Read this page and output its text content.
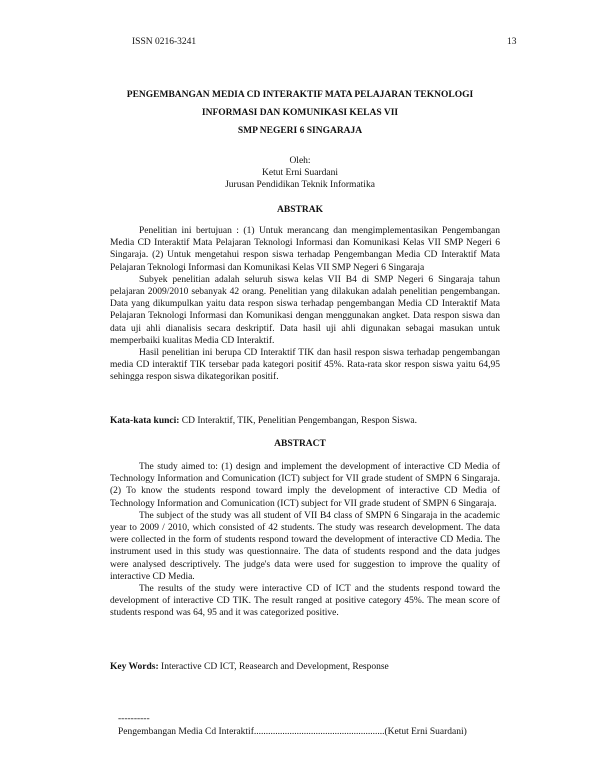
ISSN 0216-3241	13
PENGEMBANGAN MEDIA CD INTERAKTIF MATA PELAJARAN TEKNOLOGI
INFORMASI DAN KOMUNIKASI KELAS VII
SMP NEGERI 6 SINGARAJA
Oleh:
Ketut Erni Suardani
Jurusan Pendidikan Teknik Informatika
ABSTRAK

Penelitian ini bertujuan : (1) Untuk merancang dan mengimplementasikan Pengembangan Media CD Interaktif Mata Pelajaran Teknologi Informasi dan Komunikasi Kelas VII SMP Negeri 6 Singaraja. (2) Untuk mengetahui respon siswa terhadap Pengembangan Media CD Interaktif Mata Pelajaran Teknologi Informasi dan Komunikasi Kelas VII SMP Negeri 6 Singaraja

Subyek penelitian adalah seluruh siswa kelas VII B4 di SMP Negeri 6 Singaraja tahun pelajaran 2009/2010 sebanyak 42 orang. Penelitian yang dilakukan adalah penelitian pengembangan. Data yang dikumpulkan yaitu data respon siswa terhadap pengembangan Media CD Interaktif Mata Pelajaran Teknologi Informasi dan Komunikasi dengan menggunakan angket. Data respon siswa dan data uji ahli dianalisis secara deskriptif. Data hasil uji ahli digunakan sebagai masukan untuk memperbaiki kualitas Media CD Interaktif.

Hasil penelitian ini berupa CD Interaktif TIK dan hasil respon siswa terhadap pengembangan media CD interaktif TIK tersebar pada kategori positif 45%. Rata-rata skor respon siswa yaitu 64,95 sehingga respon siswa dikategorikan positif.

Kata-kata kunci: CD Interaktif, TIK, Penelitian Pengembangan, Respon Siswa.
ABSTRACT

The study aimed to: (1) design and implement the development of interactive CD Media of Technology Information and Comunication (ICT) subject for VII grade student of SMPN 6 Singaraja. (2) To know the students respond toward imply the development of interactive CD Media of Technology Information and Comunication (ICT) subject for VII grade student of SMPN 6 Singaraja.

The subject of the study was all student of VII B4 class of SMPN 6 Singaraja in the academic year to 2009 / 2010, which consisted of 42 students. The study was research development. The data were collected in the form of students respond toward the development of interactive CD Media. The instrument used in this study was questionnaire. The data of students respond and the data judges were analysed descriptively. The judge's data were used for suggestion to improve the quality of interactive CD Media.

The results of the study were interactive CD of ICT and the students respond toward the development of interactive CD TIK. The result ranged at positive category 45%. The mean score of students respond was 64, 95 and it was categorized positive.

Key Words: Interactive CD ICT, Reasearch and Development, Response
----------
Pengembangan Media Cd Interaktif.......................................................(Ketut Erni Suardani)
